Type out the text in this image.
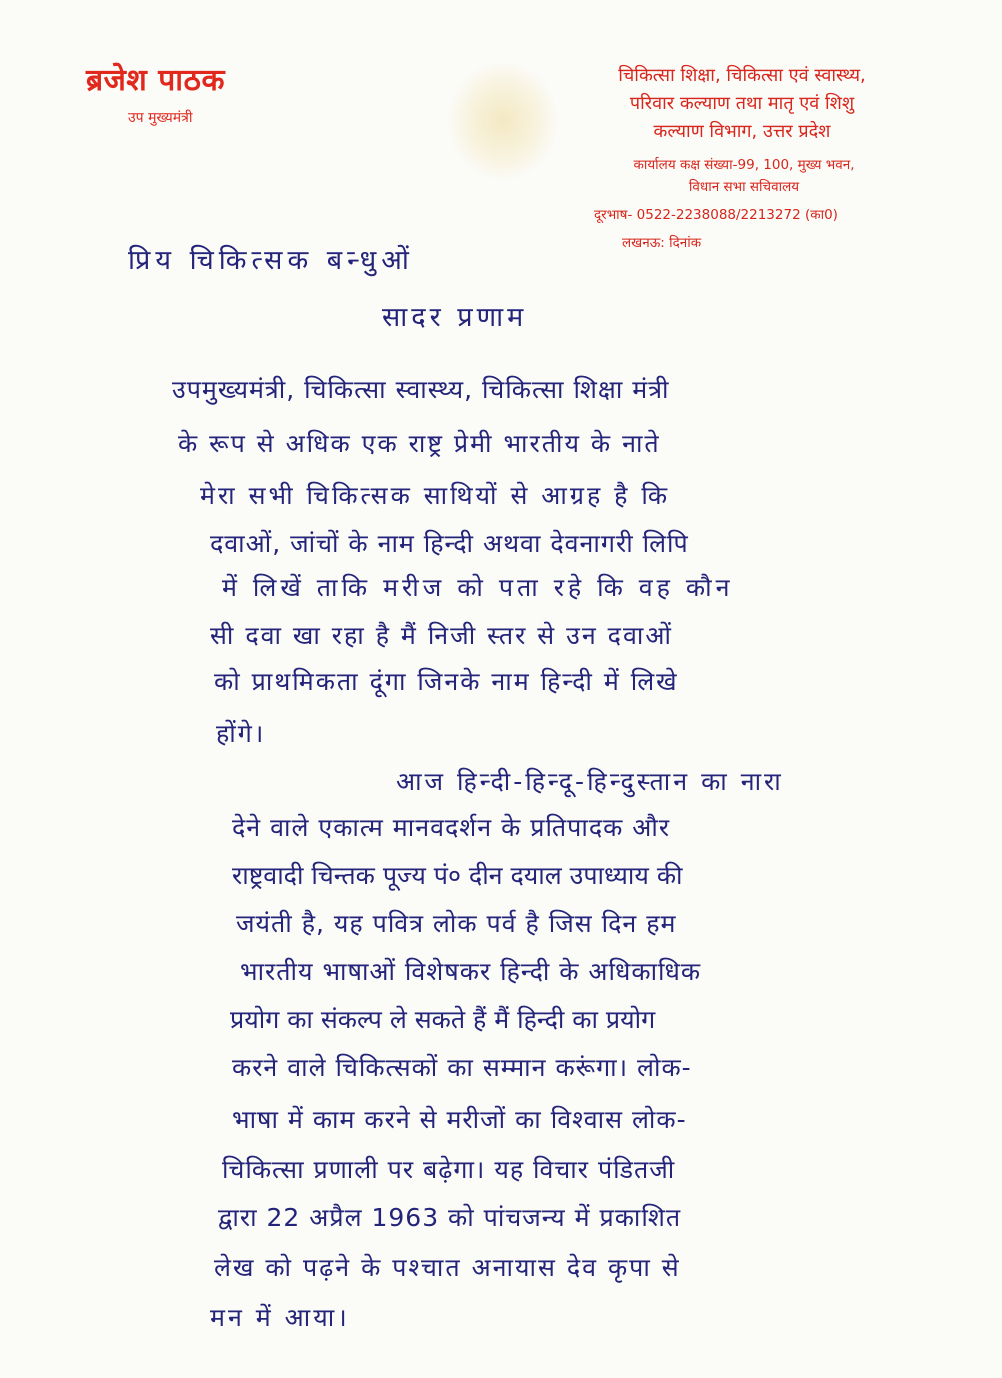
ब्रजेश पाठक
उप मुख्यमंत्री
चिकित्सा शिक्षा, चिकित्सा एवं स्वास्थ्य,
परिवार कल्याण तथा मातृ एवं शिशु
कल्याण विभाग, उत्तर प्रदेश
कार्यालय कक्ष संख्या-99, 100, मुख्य भवन,
विधान सभा सचिवालय
दूरभाष- 0522-2238088/2213272 (का0)
लखनऊ: दिनांक
प्रिय चिकित्सक बन्धुओं
सादर प्रणाम
उपमुख्यमंत्री, चिकित्सा स्वास्थ्य, चिकित्सा शिक्षा मंत्री
के रूप से अधिक एक राष्ट्र प्रेमी भारतीय के नाते
मेरा सभी चिकित्सक साथियों से आग्रह है कि
दवाओं, जांचों के नाम हिन्दी अथवा देवनागरी लिपि
में लिखें ताकि मरीज को पता रहे कि वह कौन
सी दवा खा रहा है मैं निजी स्तर से उन दवाओं
को प्राथमिकता दूंगा जिनके नाम हिन्दी में लिखे
होंगे।
आज हिन्दी-हिन्दू-हिन्दुस्तान का नारा
देने वाले एकात्म मानवदर्शन के प्रतिपादक और
राष्ट्रवादी चिन्तक पूज्य पं० दीन दयाल उपाध्याय की
जयंती है, यह पवित्र लोक पर्व है जिस दिन हम
भारतीय भाषाओं विशेषकर हिन्दी के अधिकाधिक
प्रयोग का संकल्प ले सकते हैं मैं हिन्दी का प्रयोग
करने वाले चिकित्सकों का सम्मान करूंगा। लोक-
भाषा में काम करने से मरीजों का विश्वास लोक-
चिकित्सा प्रणाली पर बढ़ेगा। यह विचार पंडितजी
द्वारा 22 अप्रैल 1963 को पांचजन्य में प्रकाशित
लेख को पढ़ने के पश्चात अनायास देव कृपा से
मन में आया।
